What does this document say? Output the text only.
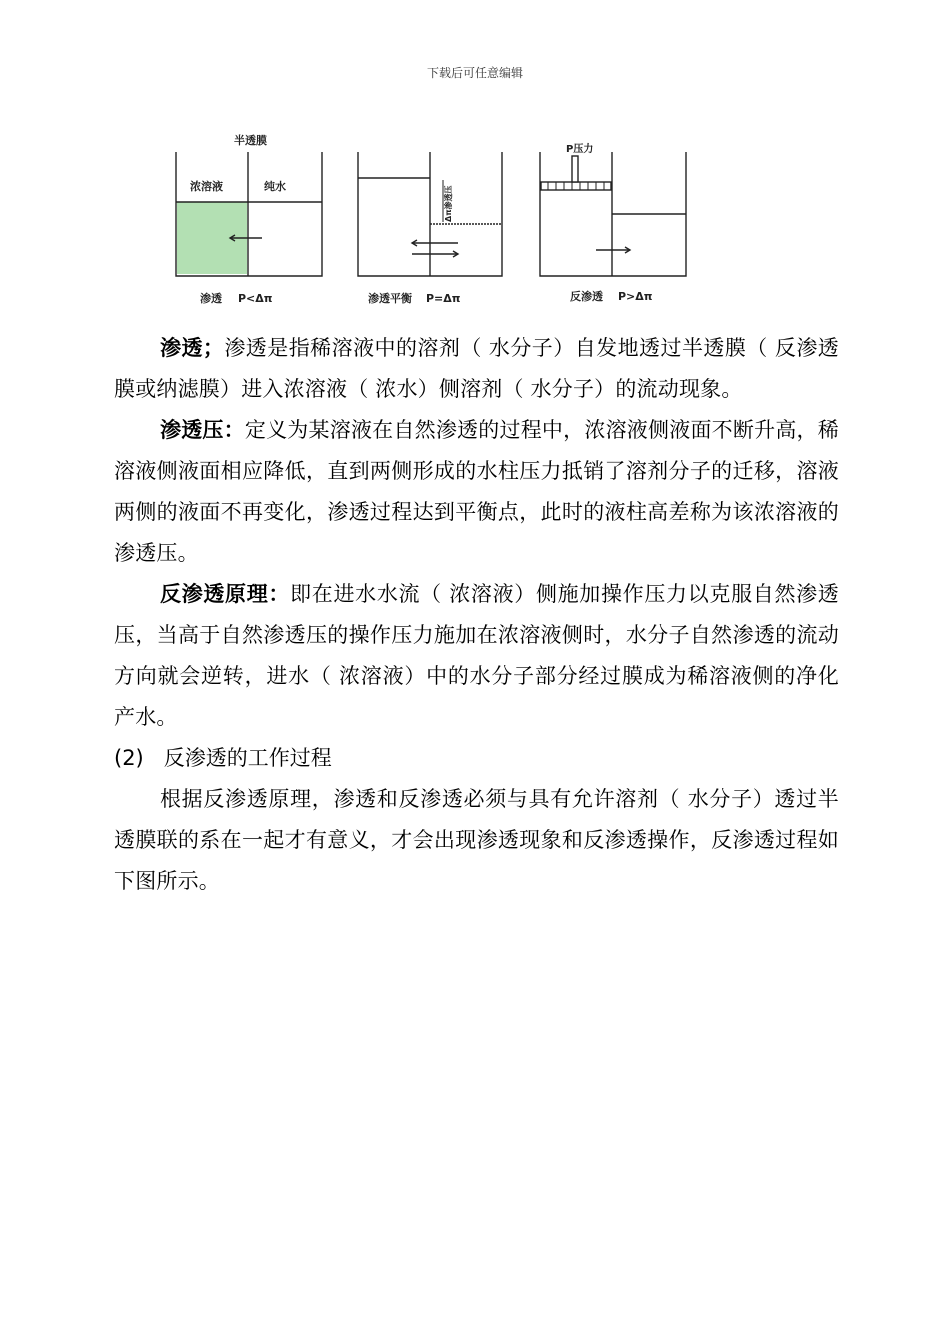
下载后可任意编辑
半透膜
浓溶液	纯水
渗透 P<Δπ
Δπ渗透压
渗透平衡 P=Δπ
P压力
反渗透 P>Δπ

渗透；渗透是指稀溶液中的溶剂（ 水分子）自发地透过半透膜（ 反渗透膜或纳滤膜）进入浓溶液（ 浓水）侧溶剂（ 水分子）的流动现象。

渗透压：定义为某溶液在自然渗透的过程中，浓溶液侧液面不断升高，稀溶液侧液面相应降低，直到两侧形成的水柱压力抵销了溶剂分子的迁移，溶液两侧的液面不再变化，渗透过程达到平衡点，此时的液柱高差称为该浓溶液的渗透压。

反渗透原理：即在进水水流（ 浓溶液）侧施加操作压力以克服自然渗透压，当高于自然渗透压的操作压力施加在浓溶液侧时，水分子自然渗透的流动方向就会逆转，进水（ 浓溶液）中的水分子部分经过膜成为稀溶液侧的净化产水。

(2) 反渗透的工作过程

根据反渗透原理，渗透和反渗透必须与具有允许溶剂（ 水分子）透过半透膜联的系在一起才有意义，才会出现渗透现象和反渗透操作，反渗透过程如下图所示。
